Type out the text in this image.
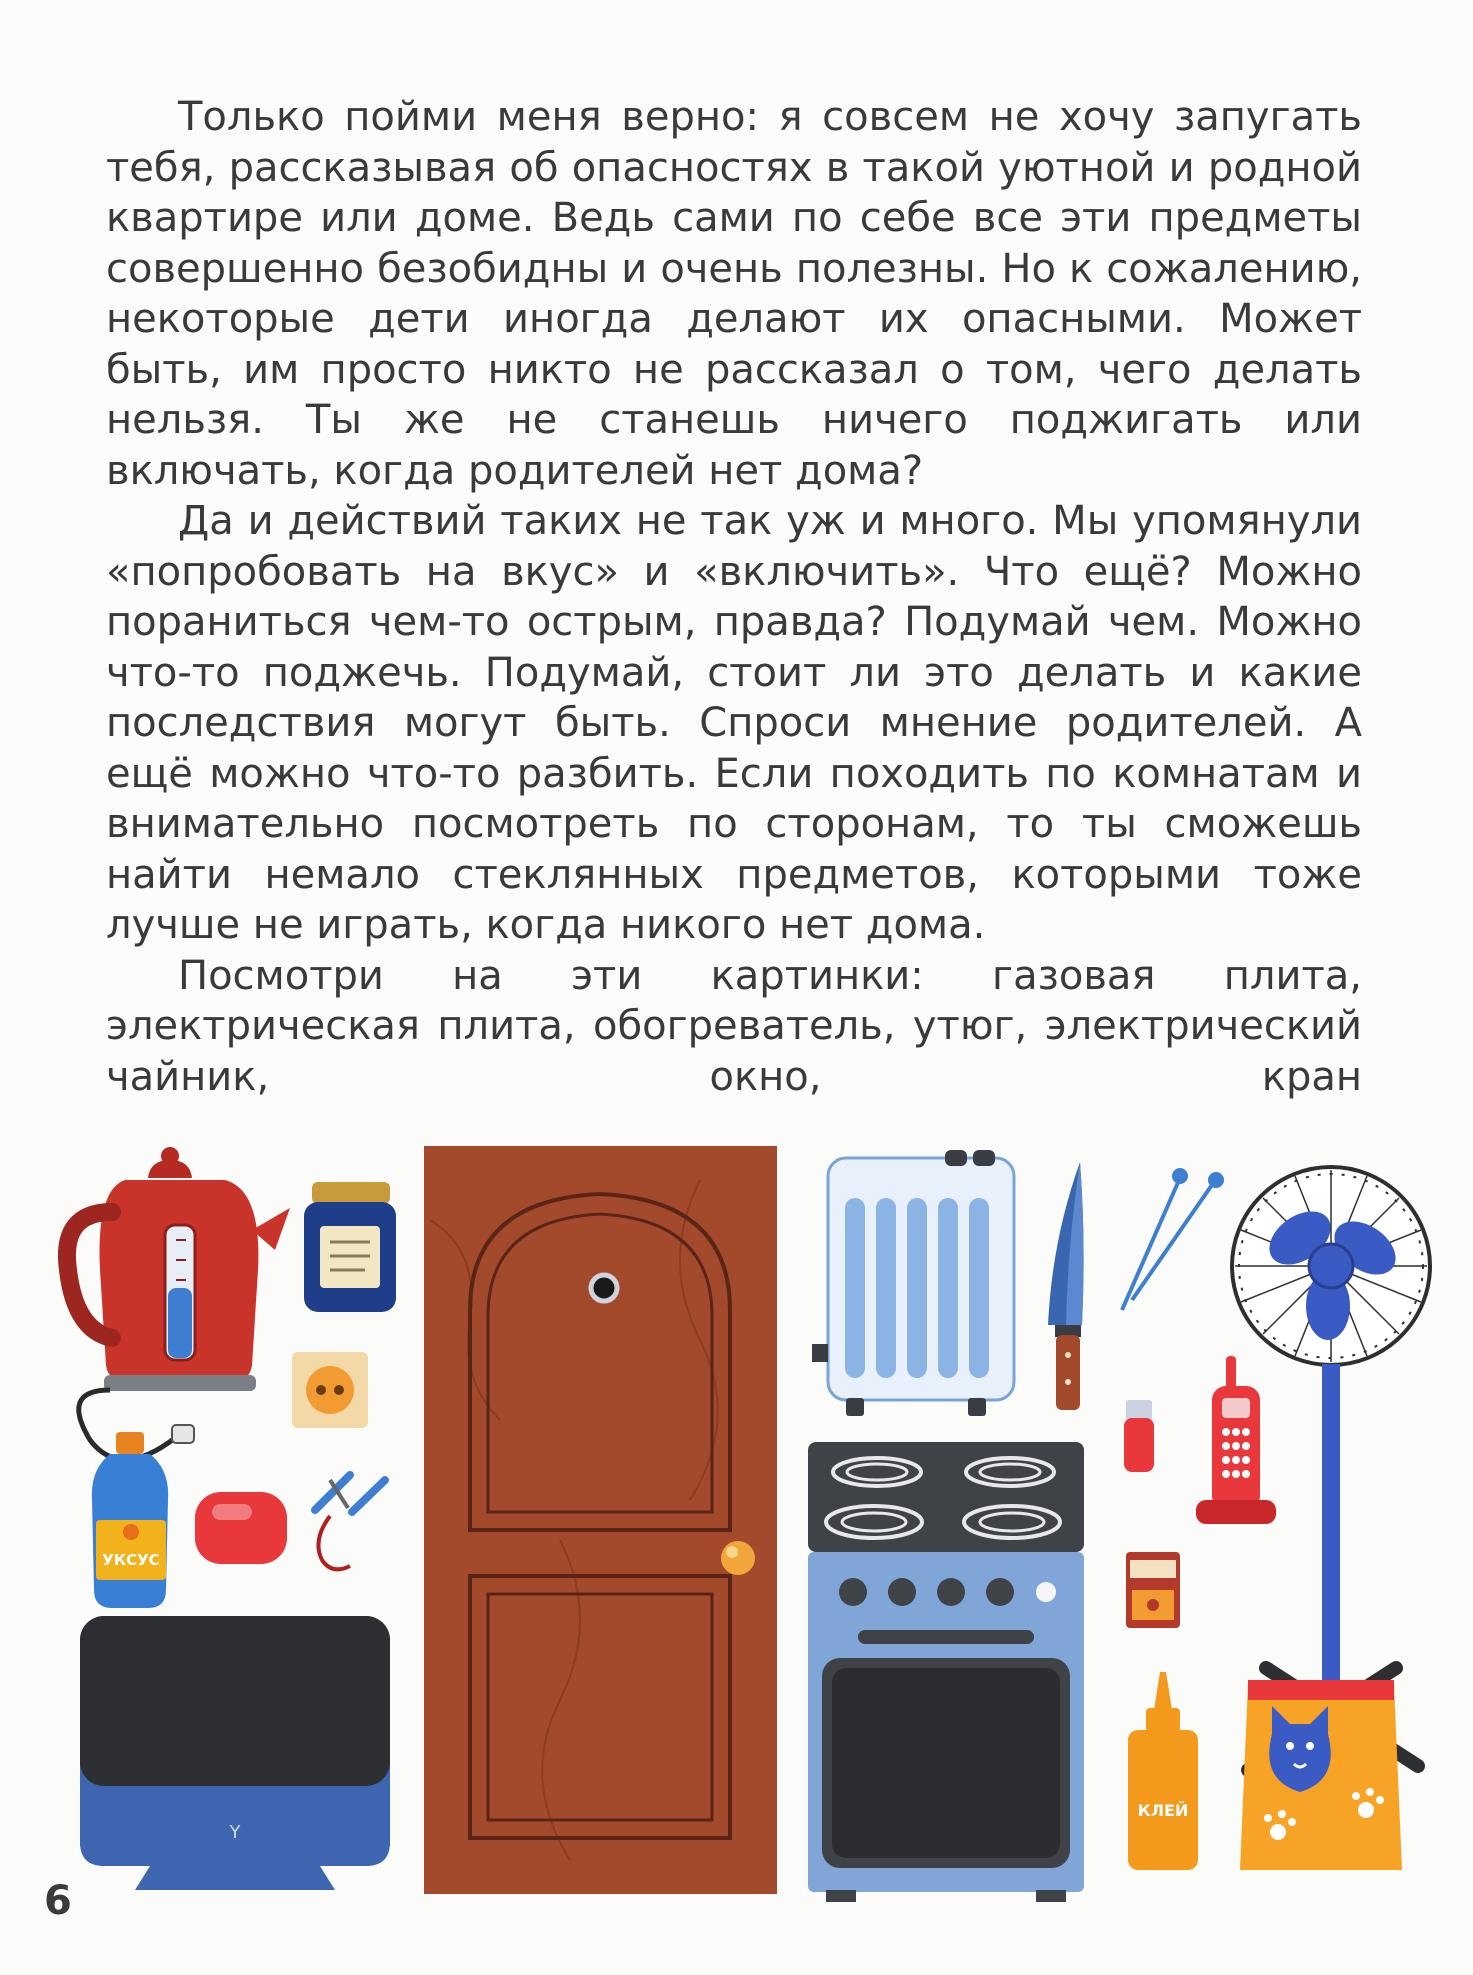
Только пойми меня верно: я совсем не хочу запугать тебя, рассказывая об опасностях в такой уютной и родной квартире или доме. Ведь сами по себе все эти предметы совершенно безобидны и очень полезны. Но к сожалению, некоторые дети иногда делают их опасными. Может быть, им просто никто не рассказал о том, чего делать нельзя. Ты же не станешь ничего поджигать или включать, когда родителей нет дома?

Да и действий таких не так уж и много. Мы упомянули «попробовать на вкус» и «включить». Что ещё? Можно пораниться чем-то острым, правда? Подумай чем. Можно что-то поджечь. Подумай, стоит ли это делать и какие последствия могут быть. Спроси мнение родителей. А ещё можно что-то разбить. Если походить по комнатам и внимательно посмотреть по сторонам, то ты сможешь найти немало стеклянных предметов, которыми тоже лучше не играть, когда никого нет дома.

Посмотри на эти картинки: газовая плита, электрическая плита, обогреватель, утюг, электрический чайник, окно, кран

УКСУС
Y
КЛЕЙ
6
